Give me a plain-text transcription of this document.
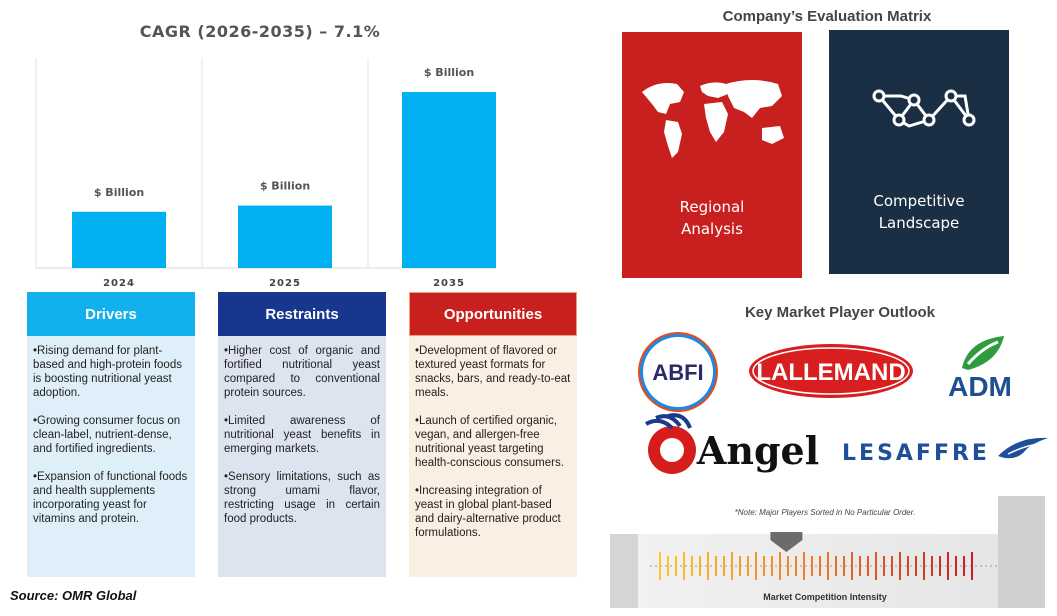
CAGR (2026-2035) – 7.1%
$ Billion	$ Billion
$ Billion
2024	2025	2035
Drivers

•Rising demand for plant-based and high-protein foods is boosting nutritional yeast adoption.

•Growing consumer focus on clean-label, nutrient-dense, and fortified ingredients.

•Expansion of functional foods and health supplements incorporating yeast for vitamins and protein.

Restraints

•Higher cost of organic and fortified nutritional yeast compared to conventional protein sources.

•Limited awareness of nutritional yeast benefits in emerging markets.

•Sensory limitations, such as strong umami flavor, restricting usage in certain food products.

Opportunities

•Development of flavored or textured yeast formats for snacks, bars, and ready-to-eat meals.

•Launch of certified organic, vegan, and allergen-free nutritional yeast targeting health-conscious consumers.

•Increasing integration of yeast in global plant-based and dairy-alternative product formulations.

Source: OMR Global
Company’s Evaluation Matrix
Regional
Analysis
Competitive
Landscape
Key Market Player Outlook
ABFI LALLEMAND ADM
Angel LESAFFRE
*Note: Major Players Sorted in No Particular Order.
Market Competition Intensity
